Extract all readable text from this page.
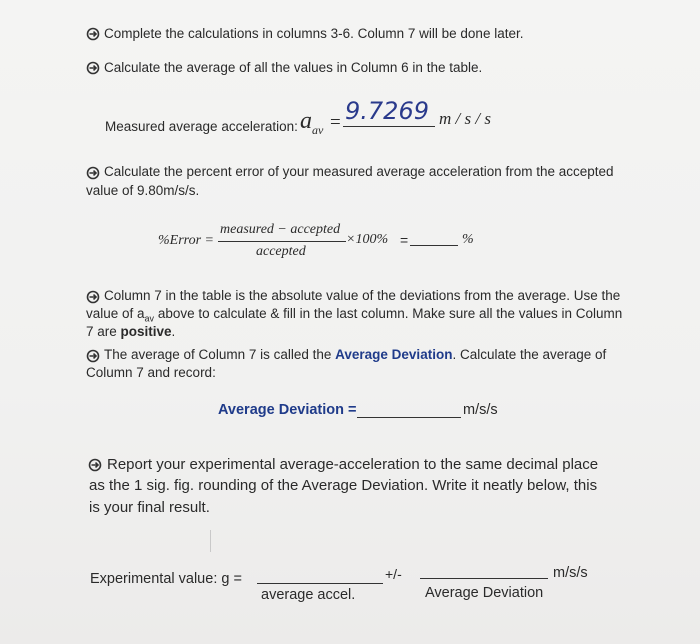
Complete the calculations in columns 3-6. Column 7 will be done later.
Calculate the average of all the values in Column 6 in the table.
Measured average acceleration: $a_{av} = 9.7269$ m / s / s
Calculate the percent error of your measured average acceleration from the accepted
value of 9.80m/s/s.
%Error =
measured − accepted
accepted
×100% =	%
Column 7 in the table is the absolute value of the deviations from the average. Use the
value of $a_{av}$ above to calculate & fill in the last column. Make sure all the values in Column
7 are positive.
The average of Column 7 is called the Average Deviation. Calculate the average of
Column 7 and record:
Average Deviation =	m/s/s
Report your experimental average-acceleration to the same decimal place
as the 1 sig. fig. rounding of the Average Deviation. Write it neatly below, this
is your final result.
Experimental value: g =	+/-	m/s/s
average accel.	Average Deviation
